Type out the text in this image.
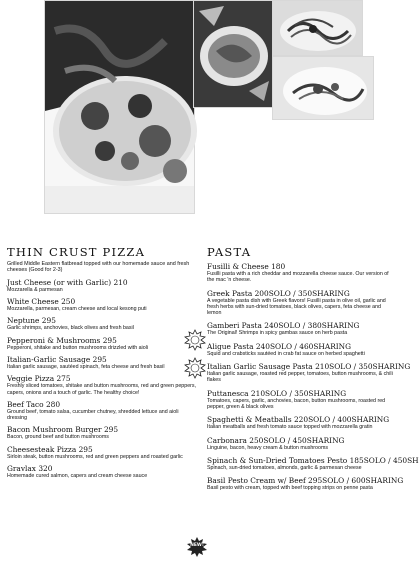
THIN CRUST PIZZA
Grilled Middle Eastern flatbread topped with our homemade sauce and fresh cheeses (Good for 2-3)
Just Cheese (or with Garlic) 210
Mozzarella & parmesan
White Cheese 250
Mozzarella, parmesan, cream cheese and local kesong puti
Neptune 295
Garlic shrimps, anchovies, black olives and fresh basil
Pepperoni & Mushrooms 295
Pepperoni, shitake and button mushrooms drizzled with aioli
Italian-Garlic Sausage 295
Italian garlic sausage, sautéed spinach, feta cheese and fresh basil
Veggie Pizza 275
Freshly sliced tomatoes, shitake and button mushrooms, red and green peppers, capers, onions and a touch of garlic. The healthy choice!
Beef Taco 280
Ground beef, tomato salsa, cucumber chutney, shredded lettuce and aioli dressing
Bacon Mushroom Burger 295
Bacon, ground beef and button mushrooms
Cheesesteak Pizza 295
Sirloin steak, button mushrooms, red and green peppers and roasted garlic
Gravlax 320
Homemade cured salmon, capers and cream cheese sauce
PASTA
Fusilli & Cheese 180
Fusilli pasta with a rich cheddar and mozzarella cheese sauce. Our version of the mac 'n cheese.
Greek Pasta 200SOLO / 350SHARING
A vegetable pasta dish with Greek flavors! Fusilli pasta in olive oil, garlic and fresh herbs with sun-dried tomatoes, black olives, capers, feta cheese and lemon
Gamberi Pasta 240SOLO / 380SHARING
The Original! Shrimps in spicy gambas sauce on herb pasta
Aligue Pasta 240SOLO / 460SHARING
Squid and crabsticks sautéed in crab fat sauce on herbed spaghetti
Italian Garlic Sausage Pasta 210SOLO / 350SHARING
Italian garlic sausage, roasted red pepper, tomatoes, button mushrooms, & chili flakes
Puttanesca 210SOLO / 350SHARING
Tomatoes, capers, garlic, anchovies, bacon, button mushrooms, roasted red pepper, green & black olives
Spaghetti & Meatballs 220SOLO / 400SHARING
Italian meatballs and fresh tomato sauce topped with mozzarella gratin
Carbonara 250SOLO / 450SHARING
Linguine, bacon, heavy cream & button mushrooms
Spinach & Sun-Dried Tomatoes Pesto 185SOLO / 450SH
Spinach, sun-dried tomatoes, almonds, garlic & parmesan cheese
Basil Pesto Cream w/ Beef 295SOLO / 600SHARING
Basil pesto with cream, topped with beef topping strips on penne pasta
NEW!
